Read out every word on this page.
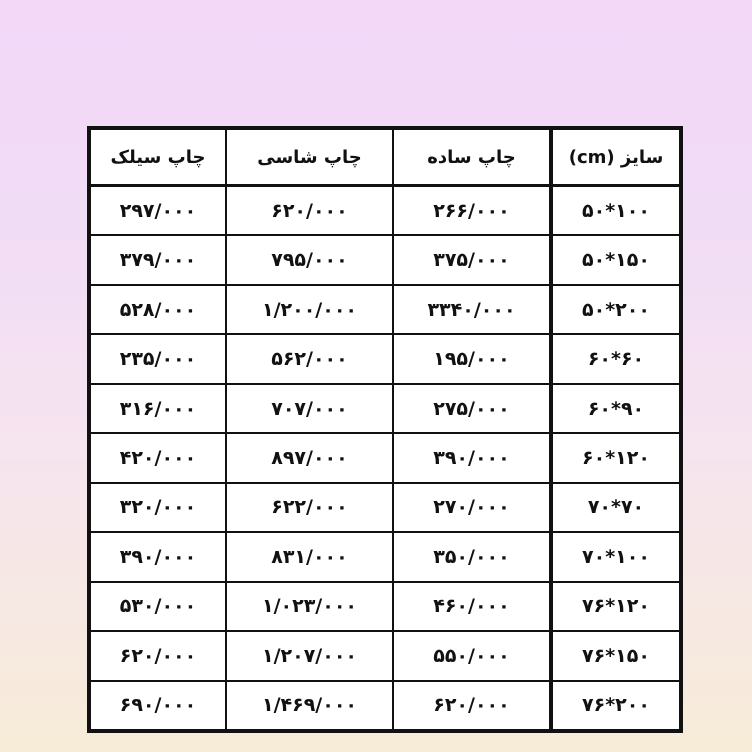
سایز (cm)
چاپ ساده
چاپ شاسی
چاپ سیلک
۵۰*۱۰۰
۲۶۶/۰۰۰
۶۲۰/۰۰۰
۲۹۷/۰۰۰
۵۰*۱۵۰
۳۷۵/۰۰۰
۷۹۵/۰۰۰
۳۷۹/۰۰۰
۵۰*۲۰۰
۳۳۴۰/۰۰۰
۱/۲۰۰/۰۰۰
۵۲۸/۰۰۰
۶۰*۶۰
۱۹۵/۰۰۰
۵۶۲/۰۰۰
۲۳۵/۰۰۰
۶۰*۹۰
۲۷۵/۰۰۰
۷۰۷/۰۰۰
۳۱۶/۰۰۰
۶۰*۱۲۰
۳۹۰/۰۰۰
۸۹۷/۰۰۰
۴۲۰/۰۰۰
۷۰*۷۰
۲۷۰/۰۰۰
۶۲۲/۰۰۰
۳۲۰/۰۰۰
۷۰*۱۰۰
۳۵۰/۰۰۰
۸۳۱/۰۰۰
۳۹۰/۰۰۰
۷۶*۱۲۰
۴۶۰/۰۰۰
۱/۰۲۳/۰۰۰
۵۳۰/۰۰۰
۷۶*۱۵۰
۵۵۰/۰۰۰
۱/۲۰۷/۰۰۰
۶۲۰/۰۰۰
۷۶*۲۰۰
۶۲۰/۰۰۰
۱/۴۶۹/۰۰۰
۶۹۰/۰۰۰
